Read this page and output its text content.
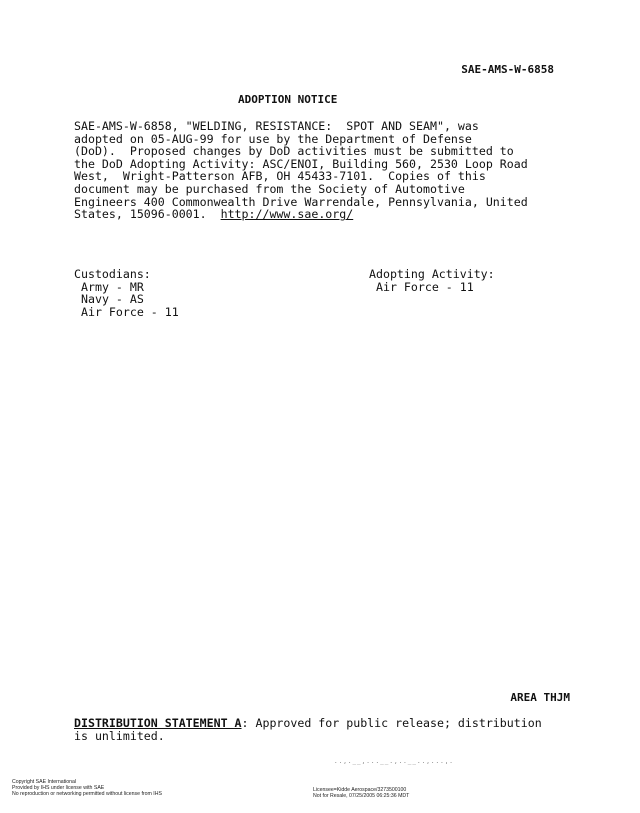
SAE-AMS-W-6858
ADOPTION NOTICE
SAE-AMS-W-6858, "WELDING, RESISTANCE:  SPOT AND SEAM", was
adopted on 05-AUG-99 for use by the Department of Defense
(DoD).  Proposed changes by DoD activities must be submitted to
the DoD Adopting Activity: ASC/ENOI, Building 560, 2530 Loop Road
West,  Wright-Patterson AFB, OH 45433-7101.  Copies of this
document may be purchased from the Society of Automotive
Engineers 400 Commonwealth Drive Warrendale, Pennsylvania, United
States, 15096-0001.  http://www.sae.org/
Custodians:
Army - MR
Navy - AS
Air Force - 11
Adopting Activity:
Air Force - 11
AREA THJM
DISTRIBUTION STATEMENT A: Approved for public release; distribution
is unlimited.
..,.__,...__.,..__..,...,.
Copyright SAE International
Provided by IHS under license with SAE
No reproduction or networking permitted without license from IHS
Licensee=Kidde Aerospace/3273500100
Not for Resale, 07/25/2005 06:25:36 MDT
